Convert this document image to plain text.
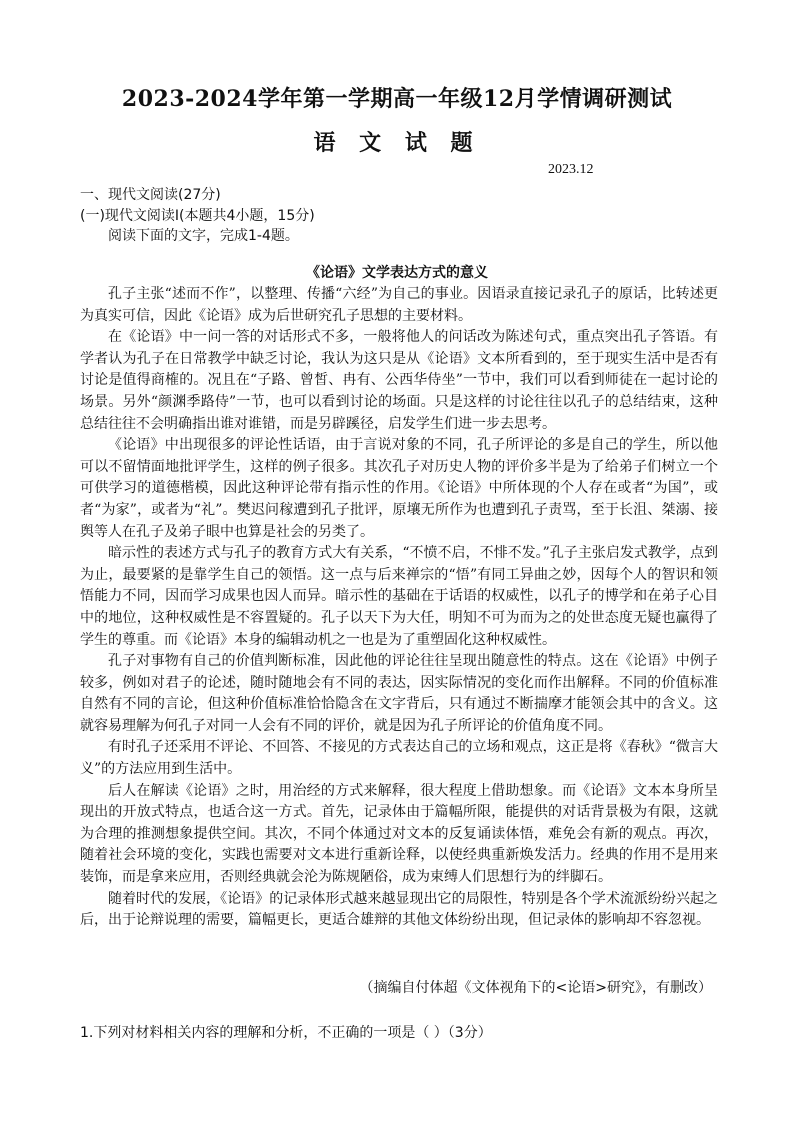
2023-2024学年第一学期高一年级12月学情调研测试
语 文 试 题
2023.12
一、现代文阅读(27分)
(一)现代文阅读Ⅰ(本题共4小题，15分)
阅读下面的文字，完成1-4题。
《论语》文学表达方式的意义

孔子主张“述而不作”，以整理、传播“六经”为自己的事业。因语录直接记录孔子的原话，比转述更为真实可信，因此《论语》成为后世研究孔子思想的主要材料。

在《论语》中一问一答的对话形式不多，一般将他人的问话改为陈述句式，重点突出孔子答语。有学者认为孔子在日常教学中缺乏讨论，我认为这只是从《论语》文本所看到的，至于现实生活中是否有讨论是值得商榷的。况且在“子路、曾皙、冉有、公西华侍坐”一节中，我们可以看到师徒在一起讨论的场景。另外“颜渊季路侍”一节，也可以看到讨论的场面。只是这样的讨论往往以孔子的总结结束，这种总结往往不会明确指出谁对谁错，而是另辟蹊径，启发学生们进一步去思考。

《论语》中出现很多的评论性话语，由于言说对象的不同，孔子所评论的多是自己的学生，所以他可以不留情面地批评学生，这样的例子很多。其次孔子对历史人物的评价多半是为了给弟子们树立一个可供学习的道德楷模，因此这种评论带有指示性的作用。《论语》中所体现的个人存在或者“为国”，或者“为家”，或者为“礼”。樊迟问稼遭到孔子批评，原壤无所作为也遭到孔子责骂，至于长沮、桀溺、接舆等人在孔子及弟子眼中也算是社会的另类了。

暗示性的表述方式与孔子的教育方式大有关系，“不愤不启，不悱不发。”孔子主张启发式教学，点到为止，最要紧的是靠学生自己的领悟。这一点与后来禅宗的“悟”有同工异曲之妙，因每个人的智识和领悟能力不同，因而学习成果也因人而异。暗示性的基础在于话语的权威性，以孔子的博学和在弟子心目中的地位，这种权威性是不容置疑的。孔子以天下为大任，明知不可为而为之的处世态度无疑也赢得了学生的尊重。而《论语》本身的编辑动机之一也是为了重塑固化这种权威性。

孔子对事物有自己的价值判断标准，因此他的评论往往呈现出随意性的特点。这在《论语》中例子较多，例如对君子的论述，随时随地会有不同的表达，因实际情况的变化而作出解释。不同的价值标准自然有不同的言论，但这种价值标准恰恰隐含在文字背后，只有通过不断揣摩才能领会其中的含义。这就容易理解为何孔子对同一人会有不同的评价，就是因为孔子所评论的价值角度不同。

有时孔子还采用不评论、不回答、不接见的方式表达自己的立场和观点，这正是将《春秋》“微言大义”的方法应用到生活中。

后人在解读《论语》之时，用治经的方式来解释，很大程度上借助想象。而《论语》文本本身所呈现出的开放式特点，也适合这一方式。首先，记录体由于篇幅所限，能提供的对话背景极为有限，这就为合理的推测想象提供空间。其次，不同个体通过对文本的反复诵读体悟，难免会有新的观点。再次，随着社会环境的变化，实践也需要对文本进行重新诠释，以使经典重新焕发活力。经典的作用不是用来装饰，而是拿来应用，否则经典就会沦为陈规陋俗，成为束缚人们思想行为的绊脚石。

随着时代的发展，《论语》的记录体形式越来越显现出它的局限性，特别是各个学术流派纷纷兴起之后，出于论辩说理的需要，篇幅更长，更适合雄辩的其他文体纷纷出现，但记录体的影响却不容忽视。

（摘编自付体超《文体视角下的<论语>研究》，有删改）
1.下列对材料相关内容的理解和分析，不正确的一项是（ ）（3分）
